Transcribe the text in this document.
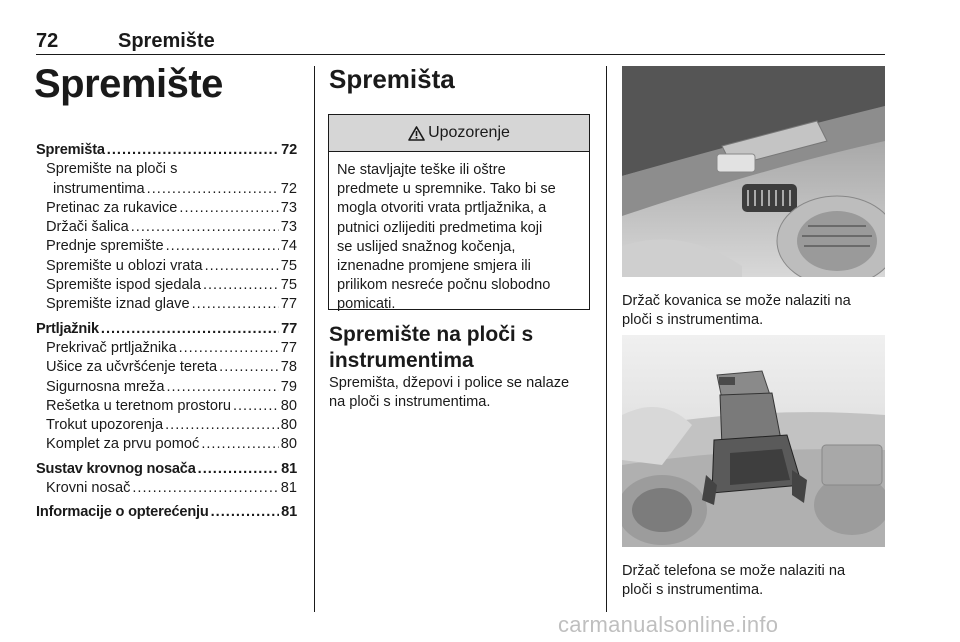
72	Spremište
Spremište
Spremišta .....	72
Spremište na ploči s
instrumentima .....	72
Pretinac za rukavice .....	73
Držači šalica .....	73
Prednje spremište .....	74
Spremište u oblozi vrata .....	75
Spremište ispod sjedala .....	75
Spremište iznad glave .....	77
Prtljažnik .....	77
Prekrivač prtljažnika .....	77
Ušice za učvršćenje tereta .....	78
Sigurnosna mreža .....	79
Rešetka u teretnom prostoru .....	80
Trokut upozorenja .....	80
Komplet za prvu pomoć .....	80
Sustav krovnog nosača .....	81
Krovni nosač .....	81
Informacije o opterećenju .....	81
Spremišta
Upozorenje
Ne stavljajte teške ili oštre
predmete u spremnike. Tako bi se
mogla otvoriti vrata prtljažnika, a
putnici ozlijediti predmetima koji
se uslijed snažnog kočenja,
iznenadne promjene smjera ili
prilikom nesreće počnu slobodno
pomicati.
Spremište na ploči s
instrumentima
Spremišta, džepovi i police se nalaze
na ploči s instrumentima.
Držač kovanica se može nalaziti na
ploči s instrumentima.
Držač telefona se može nalaziti na
ploči s instrumentima.
carmanualsonline.info
